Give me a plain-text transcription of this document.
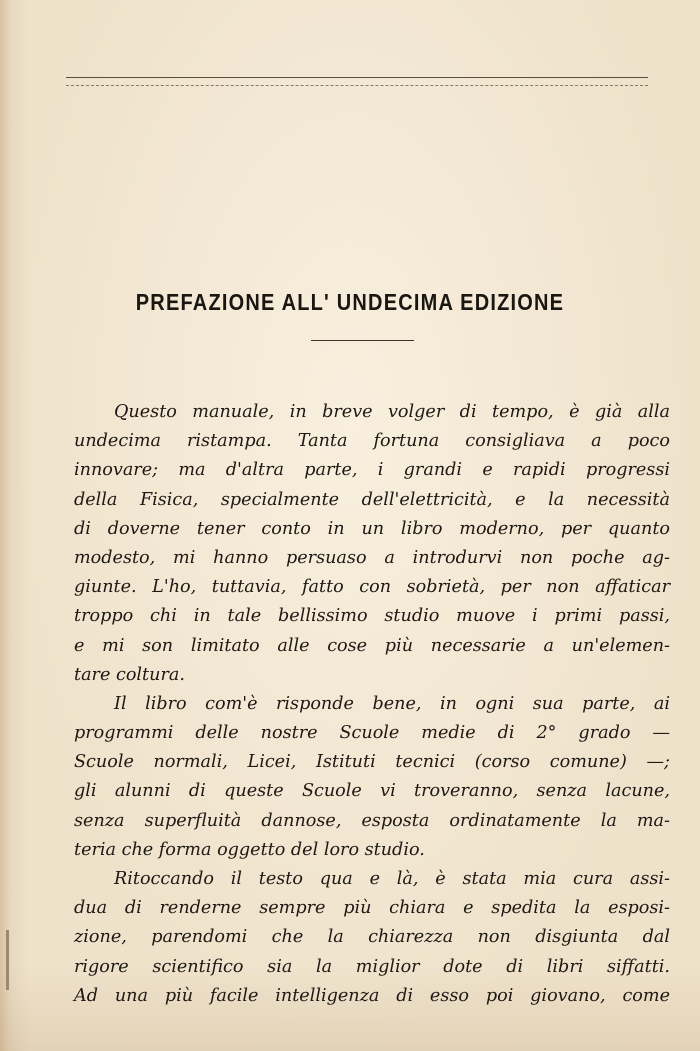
PREFAZIONE ALL' UNDECIMA EDIZIONE
Questo manuale, in breve volger di tempo, è già alla
undecima ristampa. Tanta fortuna consigliava a poco
innovare; ma d'altra parte, i grandi e rapidi progressi
della Fisica, specialmente dell'elettricità, e la necessità
di doverne tener conto in un libro moderno, per quanto
modesto, mi hanno persuaso a introdurvi non poche ag-
giunte. L'ho, tuttavia, fatto con sobrietà, per non affaticar
troppo chi in tale bellissimo studio muove i primi passi,
e mi son limitato alle cose più necessarie a un'elemen-
tare coltura.
Il libro com'è risponde bene, in ogni sua parte, ai
programmi delle nostre Scuole medie di 2° grado —
Scuole normali, Licei, Istituti tecnici (corso comune) —;
gli alunni di queste Scuole vi troveranno, senza lacune,
senza superfluità dannose, esposta ordinatamente la ma-
teria che forma oggetto del loro studio.
Ritoccando il testo qua e là, è stata mia cura assi-
dua di renderne sempre più chiara e spedita la esposi-
zione, parendomi che la chiarezza non disgiunta dal
rigore scientifico sia la miglior dote di libri siffatti.
Ad una più facile intelligenza di esso poi giovano, come
